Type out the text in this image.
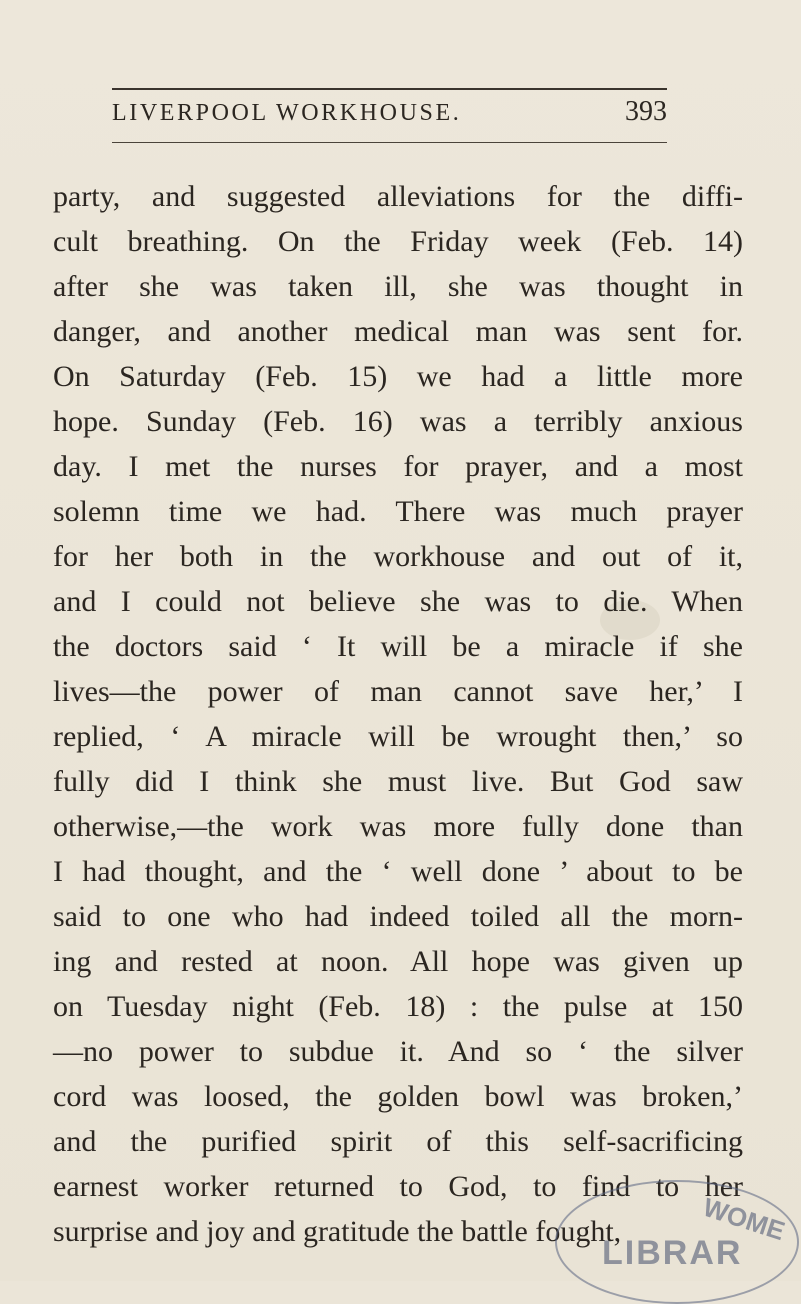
LIVERPOOL WORKHOUSE.	393
party, and suggested alleviations for the diffi-
cult breathing. On the Friday week (Feb. 14)
after she was taken ill, she was thought in
danger, and another medical man was sent for.
On Saturday (Feb. 15) we had a little more
hope. Sunday (Feb. 16) was a terribly anxious
day. I met the nurses for prayer, and a most
solemn time we had. There was much prayer
for her both in the workhouse and out of it,
and I could not believe she was to die. When
the doctors said ‘ It will be a miracle if she
lives—the power of man cannot save her,’ I
replied, ‘ A miracle will be wrought then,’ so
fully did I think she must live. But God saw
otherwise,—the work was more fully done than
I had thought, and the ‘ well done ’ about to be
said to one who had indeed toiled all the morn-
ing and rested at noon. All hope was given up
on Tuesday night (Feb. 18) : the pulse at 150
—no power to subdue it. And so ‘ the silver
cord was loosed, the golden bowl was broken,’
and the purified spirit of this self-sacrificing
earnest worker returned to God, to find to her
surprise and joy and gratitude the battle fought,	WOME
LIBRAR
